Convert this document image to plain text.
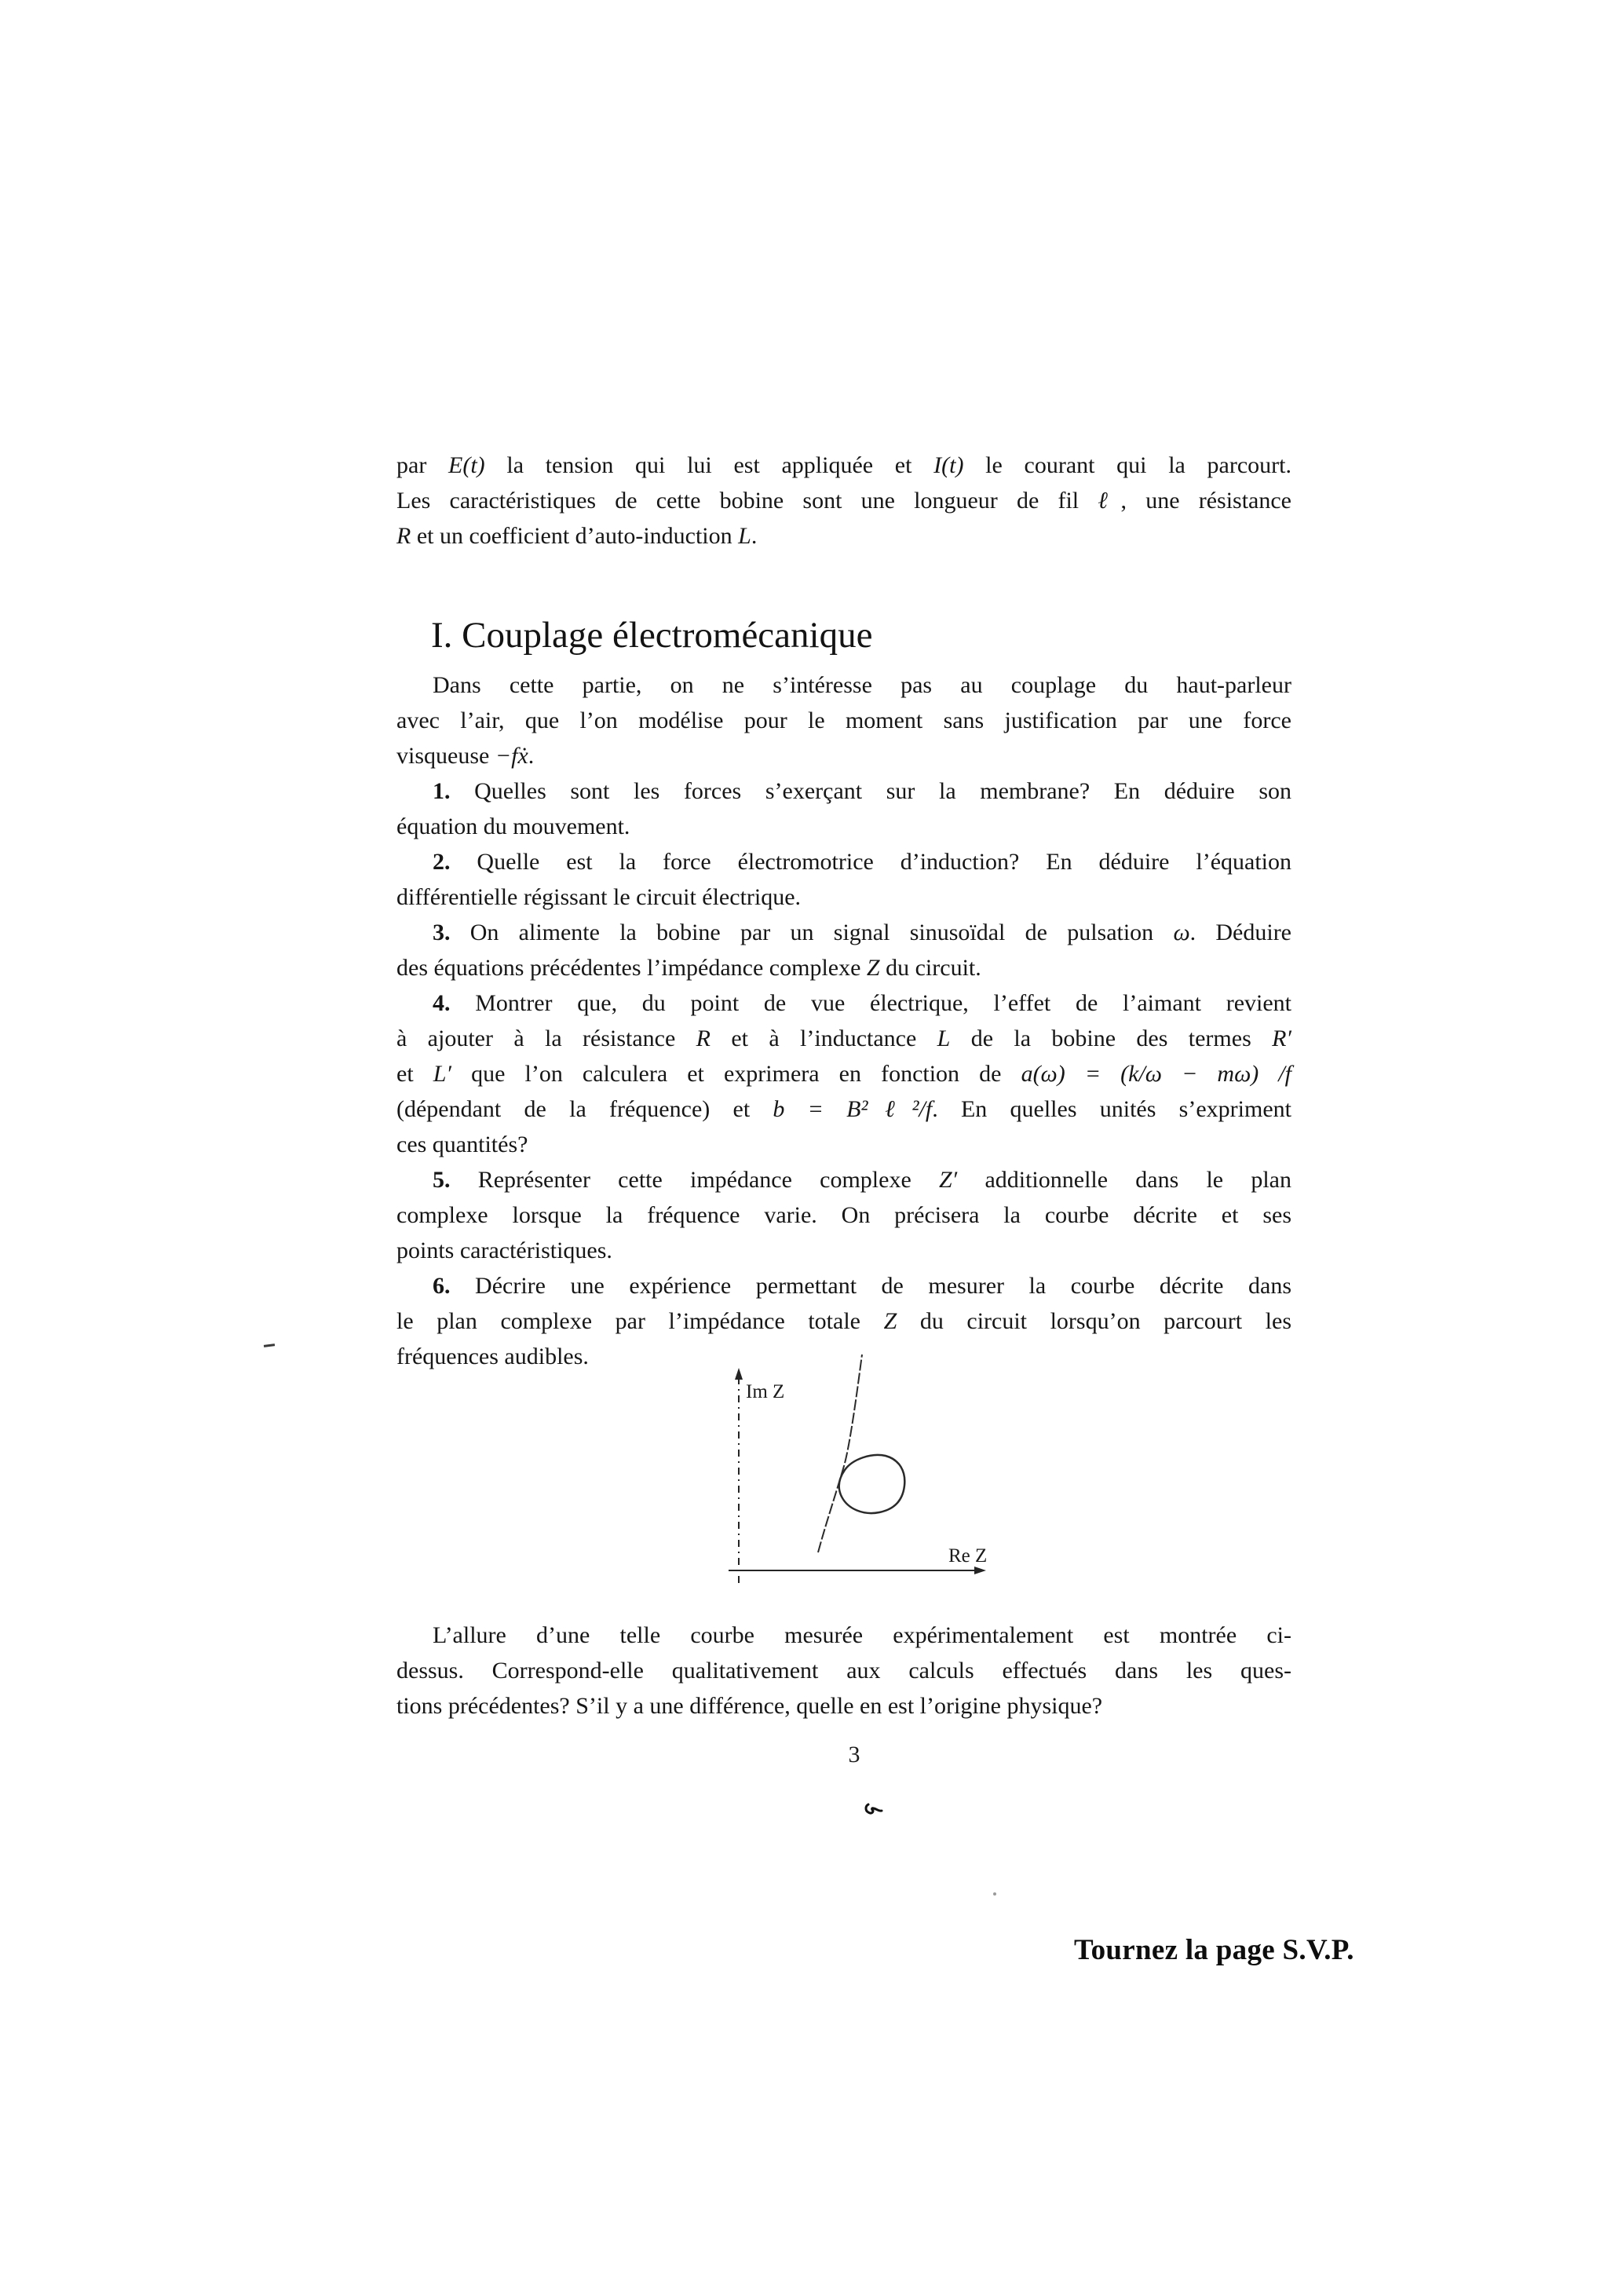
par E(t) la tension qui lui est appliquée et I(t) le courant qui la parcourt.
Les caractéristiques de cette bobine sont une longueur de fil ℓ, une résistance
R et un coefficient d’auto-induction L.
I. Couplage électromécanique
Dans cette partie, on ne s’intéresse pas au couplage du haut-parleur
avec l’air, que l’on modélise pour le moment sans justification par une force
visqueuse −fẋ.
1. Quelles sont les forces s’exerçant sur la membrane? En déduire son
équation du mouvement.
2. Quelle est la force électromotrice d’induction? En déduire l’équation
différentielle régissant le circuit électrique.
3. On alimente la bobine par un signal sinusoïdal de pulsation ω. Déduire
des équations précédentes l’impédance complexe Z du circuit.
4. Montrer que, du point de vue électrique, l’effet de l’aimant revient
à ajouter à la résistance R et à l’inductance L de la bobine des termes R′
et L′ que l’on calculera et exprimera en fonction de a(ω) = (k/ω − mω) /f
(dépendant de la fréquence) et b = B²ℓ²/f. En quelles unités s’expriment
ces quantités?
5. Représenter cette impédance complexe Z′ additionnelle dans le plan
complexe lorsque la fréquence varie. On précisera la courbe décrite et ses
points caractéristiques.
6. Décrire une expérience permettant de mesurer la courbe décrite dans
le plan complexe par l’impédance totale Z du circuit lorsqu’on parcourt les
fréquences audibles.
Im Z
Re Z
L’allure d’une telle courbe mesurée expérimentalement est montrée ci-
dessus. Correspond-elle qualitativement aux calculs effectués dans les ques-
tions précédentes? S’il y a une différence, quelle en est l’origine physique?
3
Tournez la page S.V.P.
